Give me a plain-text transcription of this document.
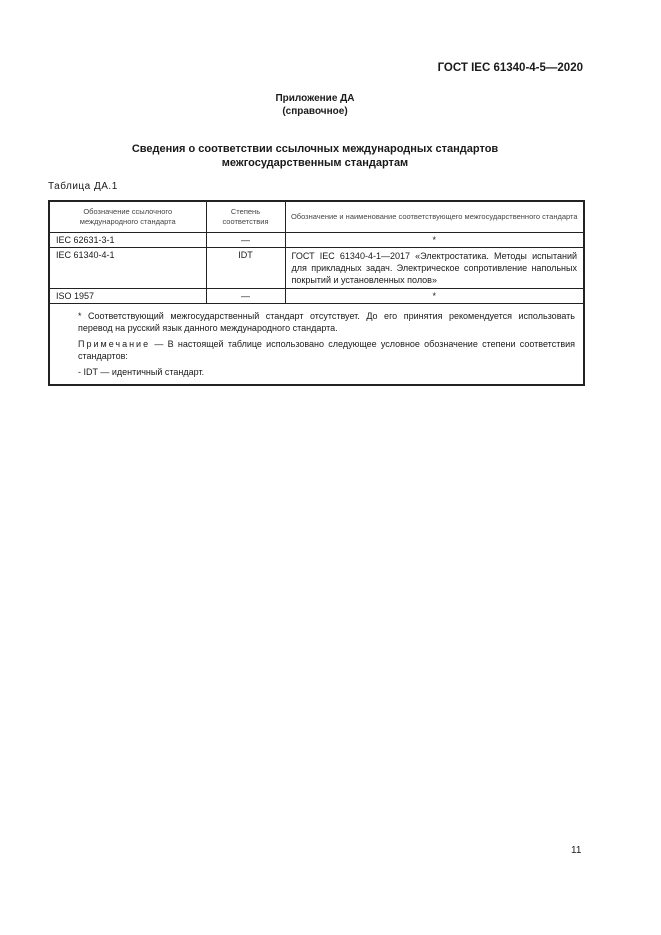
ГОСТ IEC 61340-4-5—2020
Приложение ДА
(справочное)
Сведения о соответствии ссылочных международных стандартов
межгосударственным стандартам
Таблица ДА.1
Обозначение ссылочного международного стандарта	Степень соответствия	Обозначение и наименование соответствующего межгосударственного стандарта
IEC 62631-3-1	—	*
IEC 61340-4-1	IDT	ГОСТ IEC 61340-4-1—2017 «Электростатика. Методы испытаний для прикладных задач. Электрическое сопротивление напольных покрытий и установленных полов»
ISO 1957	—	*

* Соответствующий межгосударственный стандарт отсутствует. До его принятия рекомендуется использовать перевод на русский язык данного международного стандарта.

Примечание — В настоящей таблице использовано следующее условное обозначение степени соответствия стандартов:

- IDT — идентичный стандарт.		

11
